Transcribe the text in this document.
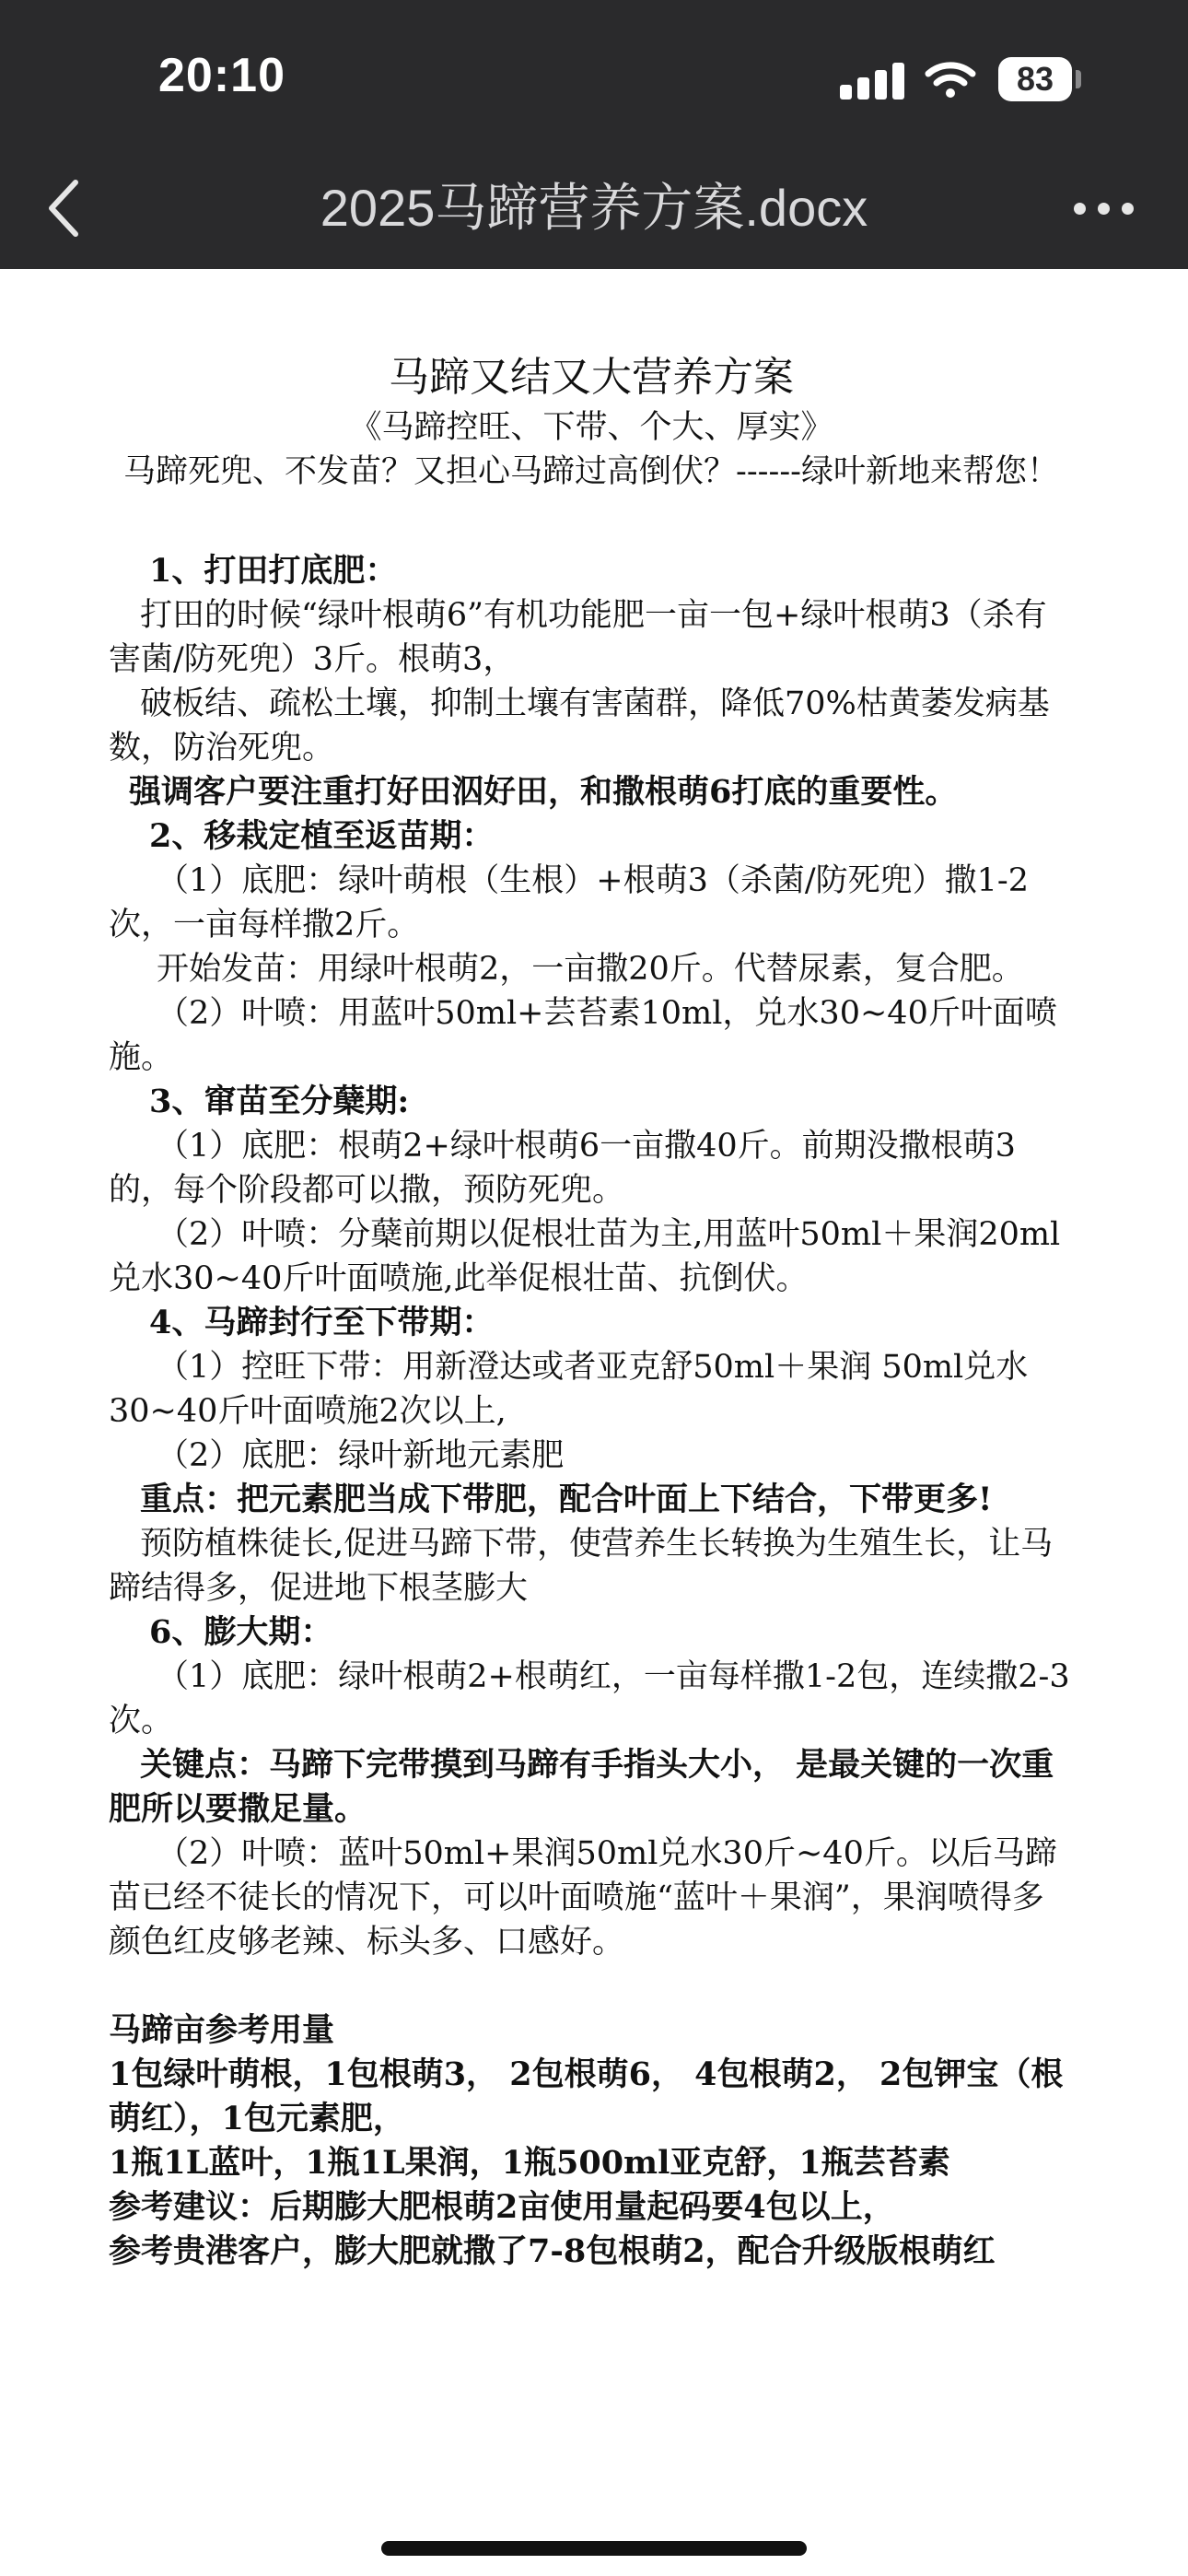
20:10	83
2025马蹄营养方案.docx

马蹄又结又大营养方案

《马蹄控旺、下带、个大、厚实》

马蹄死兜、不发苗？又担心马蹄过高倒伏？------绿叶新地来帮您！

1、打田打底肥：

打田的时候“绿叶根萌6”有机功能肥一亩一包+绿叶根萌3（杀有害菌/防死兜）3斤。根萌3，

破板结、疏松土壤，抑制土壤有害菌群，降低70%枯黄萎发病基数，防治死兜。

强调客户要注重打好田泅好田，和撒根萌6打底的重要性。

2、移栽定植至返苗期：

（1）底肥：绿叶萌根（生根）+根萌3（杀菌/防死兜）撒1-2次，一亩每样撒2斤。

开始发苗：用绿叶根萌2，一亩撒20斤。代替尿素，复合肥。

（2）叶喷：用蓝叶50ml+芸苔素10ml，兑水30~40斤叶面喷施。

3、窜苗至分蘖期:

（1）底肥：根萌2+绿叶根萌6一亩撒40斤。前期没撒根萌3的，每个阶段都可以撒，预防死兜。

（2）叶喷：分蘖前期以促根壮苗为主,用蓝叶50ml＋果润20ml兑水30~40斤叶面喷施,此举促根壮苗、抗倒伏。

4、马蹄封行至下带期：

（1）控旺下带：用新澄达或者亚克舒50ml＋果润 50ml兑水30~40斤叶面喷施2次以上,

（2）底肥：绿叶新地元素肥

重点：把元素肥当成下带肥，配合叶面上下结合，下带更多!

预防植株徒长,促进马蹄下带，使营养生长转换为生殖生长，让马蹄结得多，促进地下根茎膨大

6、膨大期：

（1）底肥：绿叶根萌2+根萌红，一亩每样撒1-2包，连续撒2-3次。

关键点：马蹄下完带摸到马蹄有手指头大小， 是最关键的一次重肥所以要撒足量。

（2）叶喷：蓝叶50ml+果润50ml兑水30斤~40斤。以后马蹄苗已经不徒长的情况下，可以叶面喷施“蓝叶＋果润”，果润喷得多颜色红皮够老辣、标头多、口感好。

马蹄亩参考用量

1包绿叶萌根，1包根萌3， 2包根萌6， 4包根萌2， 2包钾宝（根萌红），1包元素肥，

1瓶1L蓝叶，1瓶1L果润，1瓶500ml亚克舒，1瓶芸苔素

参考建议：后期膨大肥根萌2亩使用量起码要4包以上，

参考贵港客户，膨大肥就撒了7-8包根萌2，配合升级版根萌红
